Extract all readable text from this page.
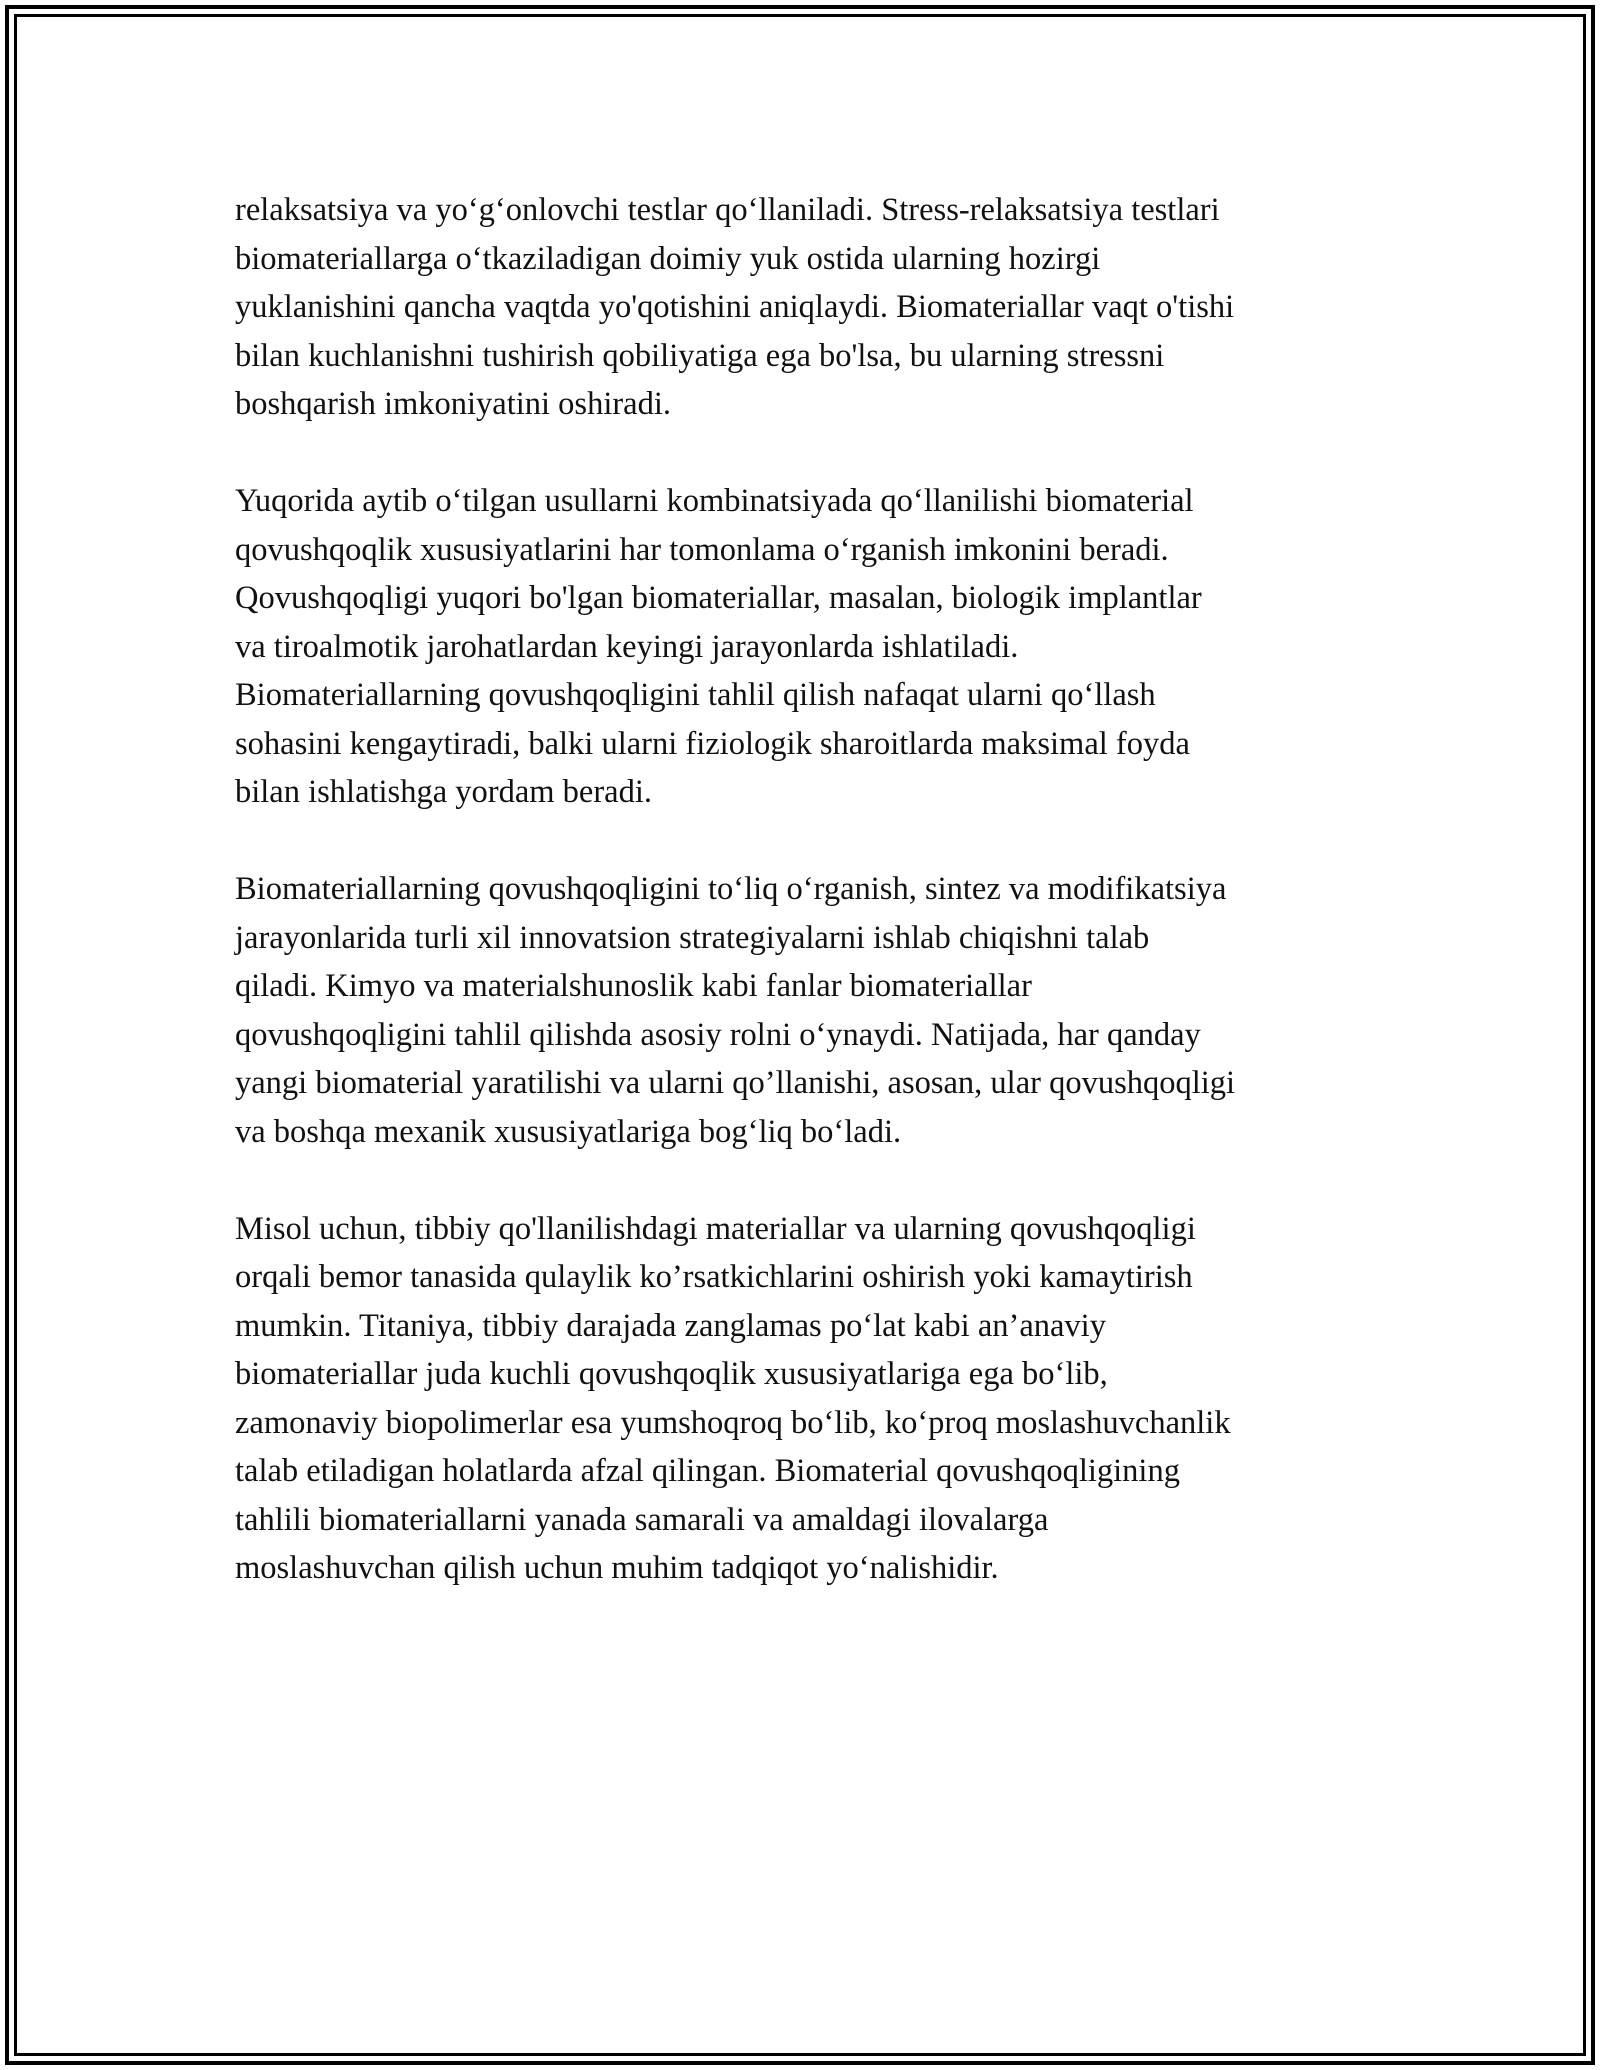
relaksatsiya va yo‘g‘onlovchi testlar qo‘llaniladi. Stress-relaksatsiya testlari
biomateriallarga o‘tkaziladigan doimiy yuk ostida ularning hozirgi
yuklanishini qancha vaqtda yo'qotishini aniqlaydi. Biomateriallar vaqt o'tishi
bilan kuchlanishni tushirish qobiliyatiga ega bo'lsa, bu ularning stressni
boshqarish imkoniyatini oshiradi.

Yuqorida aytib o‘tilgan usullarni kombinatsiyada qo‘llanilishi biomaterial
qovushqoqlik xususiyatlarini har tomonlama o‘rganish imkonini beradi.
Qovushqoqligi yuqori bo'lgan biomateriallar, masalan, biologik implantlar
va tiroalmotik jarohatlardan keyingi jarayonlarda ishlatiladi.
Biomateriallarning qovushqoqligini tahlil qilish nafaqat ularni qo‘llash
sohasini kengaytiradi, balki ularni fiziologik sharoitlarda maksimal foyda
bilan ishlatishga yordam beradi.

Biomateriallarning qovushqoqligini to‘liq o‘rganish, sintez va modifikatsiya
jarayonlarida turli xil innovatsion strategiyalarni ishlab chiqishni talab
qiladi. Kimyo va materialshunoslik kabi fanlar biomateriallar
qovushqoqligini tahlil qilishda asosiy rolni o‘ynaydi. Natijada, har qanday
yangi biomaterial yaratilishi va ularni qo’llanishi, asosan, ular qovushqoqligi
va boshqa mexanik xususiyatlariga bog‘liq bo‘ladi.

Misol uchun, tibbiy qo'llanilishdagi materiallar va ularning qovushqoqligi
orqali bemor tanasida qulaylik ko’rsatkichlarini oshirish yoki kamaytirish
mumkin. Titaniya, tibbiy darajada zanglamas po‘lat kabi an’anaviy
biomateriallar juda kuchli qovushqoqlik xususiyatlariga ega bo‘lib,
zamonaviy biopolimerlar esa yumshoqroq bo‘lib, ko‘proq moslashuvchanlik
talab etiladigan holatlarda afzal qilingan. Biomaterial qovushqoqligining
tahlili biomateriallarni yanada samarali va amaldagi ilovalarga
moslashuvchan qilish uchun muhim tadqiqot yo‘nalishidir.
